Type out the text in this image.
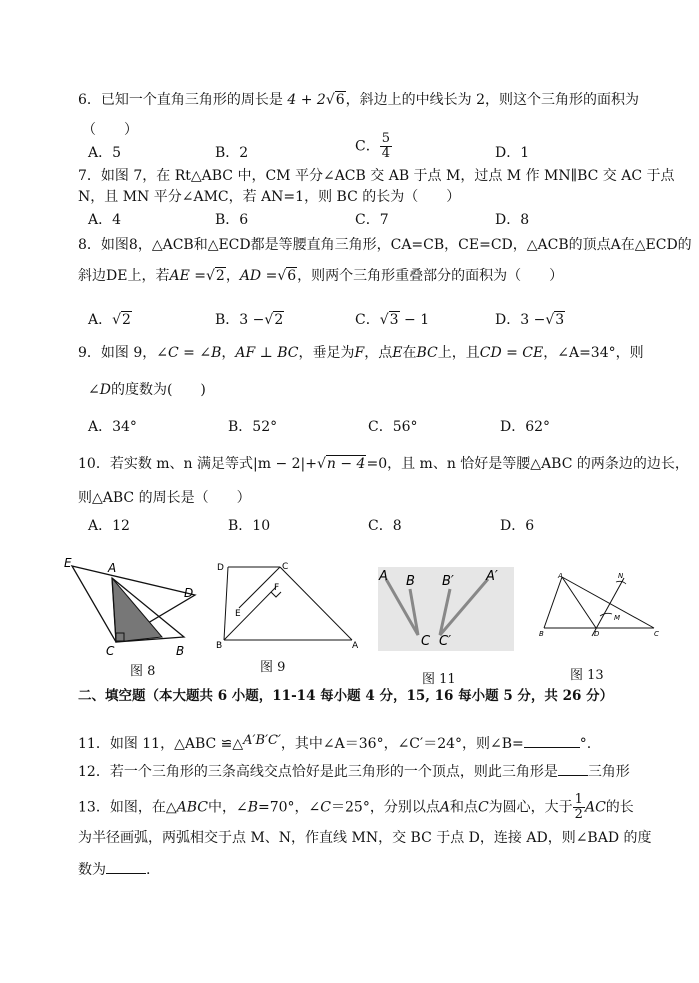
6．已知一个直角三角形的周长是 4 + 2√6，斜边上的中线长为 2，则这个三角形的面积为
（　　）
A．5	B．2	C． $\frac{5}{4}$	D．1
7．如图 7，在 Rt△ABC 中，CM 平分∠ACB 交 AB 于点 M，过点 M 作 MN∥BC 交 AC 于点
N，且 MN 平分∠AMC，若 AN=1，则 BC 的长为（　　）
A．4	B．6	C．7	D．8
8．如图8，△ACB和△ECD都是等腰直角三角形，CA=CB，CE=CD，△ACB的顶点A在△ECD的
斜边DE上，若AE =√2，AD =√6，则两个三角形重叠部分的面积为（　　）
A．√2	B．3 −√2	C．√3 − 1	D．3 −√3
9．如图 9，∠C = ∠B，AF ⊥ BC，垂足为F，点E在BC上，且CD = CE，∠A=34°，则
∠D的度数为(　　)
A．34°	B．52°	C．56°	D．62°
10．若实数 m、n 满足等式|m − 2|+√n − 4=0，且 m、n 恰好是等腰△ABC 的两条边的边长，
则△ABC 的周长是（　　）
A．12	B．10	C．8	D．6
E	A
D
C	B
图 8
D	C
F
E
B	A
图 9
A B B′ A′
C C′
图 11
A	N
M
B	D	C
图 13
二、填空题（本大题共 6 小题，11-14 每小题 4 分，15, 16 每小题 5 分，共 26 分）
11．如图 11，△ABC ≌△A′B′C′，其中∠A＝36°，∠C′＝24°，则∠B=	°.
12．若一个三角形的三条高线交点恰好是此三角形的一个顶点，则此三角形是 三角形
13．如图，在△ABC中，∠B=70°，∠C＝25°，分别以点A和点C为圆心，大于 $\frac{1}{2}$ AC的长
为半径画弧，两弧相交于点 M、N，作直线 MN，交 BC 于点 D，连接 AD，则∠BAD 的度
数为	.
